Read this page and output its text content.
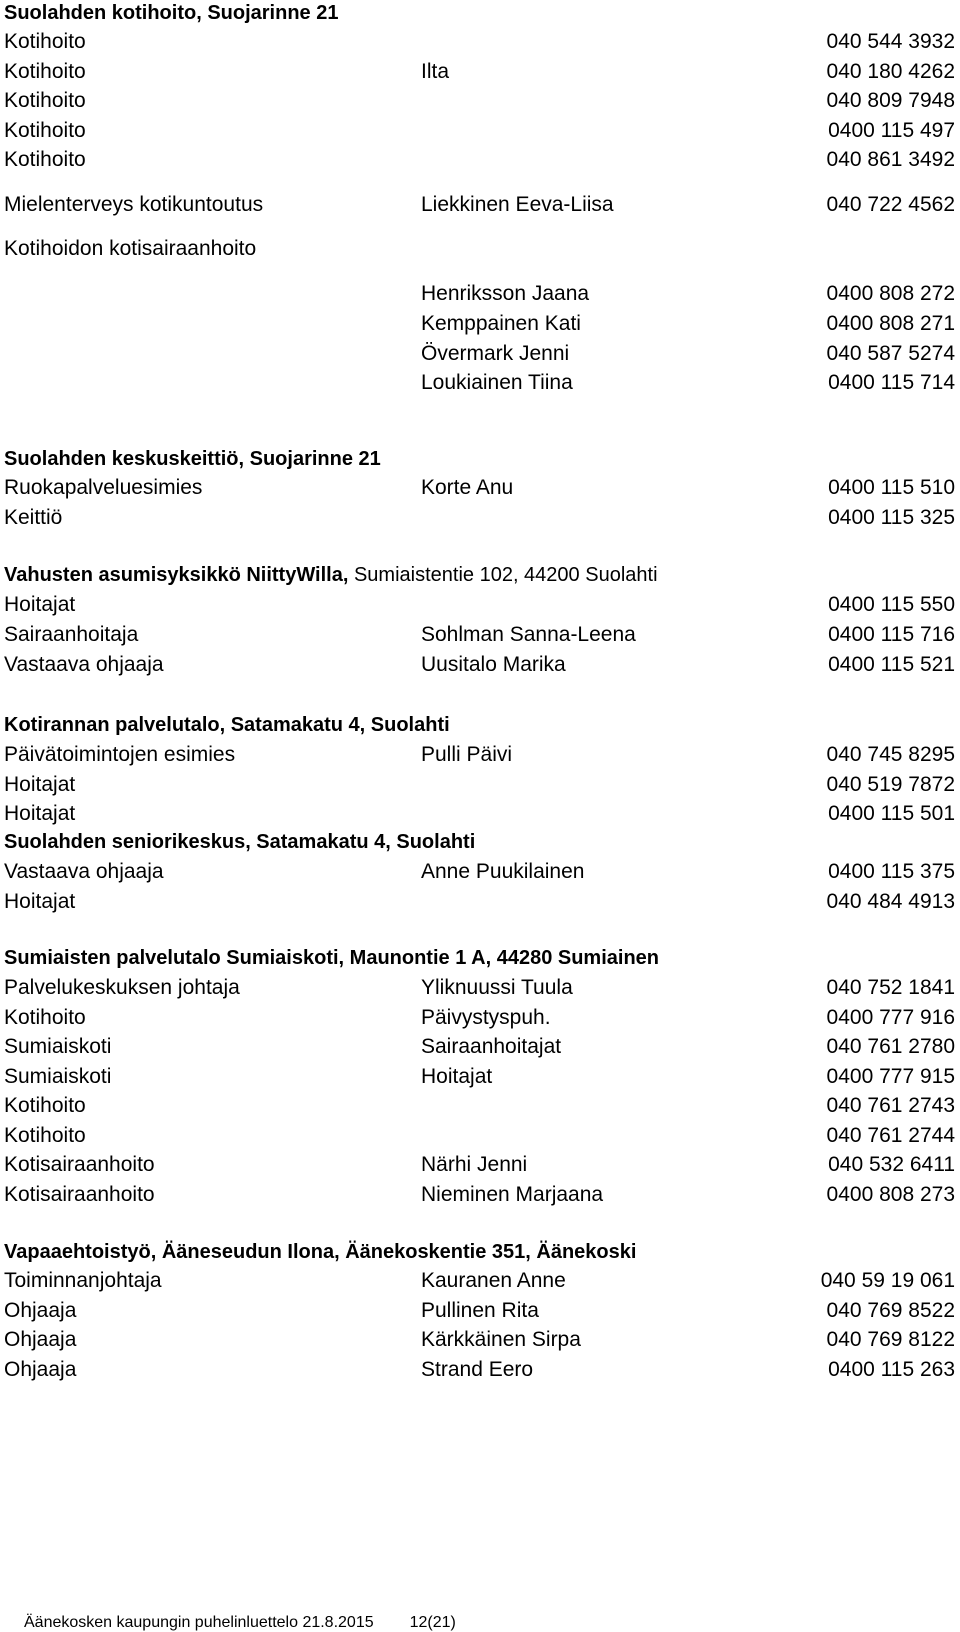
Suolahden kotihoito, Suojarinne 21
Kotihoito	040 544 3932
Kotihoito	Ilta	040 180 4262
Kotihoito	040 809 7948
Kotihoito	0400 115 497
Kotihoito	040 861 3492
Mielenterveys kotikuntoutus	Liekkinen Eeva-Liisa	040 722 4562
Kotihoidon kotisairaanhoito
Henriksson Jaana	0400 808 272
Kemppainen Kati	0400 808 271
Övermark Jenni	040 587 5274
Loukiainen Tiina	0400 115 714
Suolahden keskuskeittiö, Suojarinne 21
Ruokapalveluesimies	Korte Anu	0400 115 510
Keittiö	0400 115 325
Vahusten asumisyksikkö NiittyWilla, Sumiaistentie 102, 44200 Suolahti
Hoitajat	0400 115 550
Sairaanhoitaja	Sohlman Sanna-Leena	0400 115 716
Vastaava ohjaaja	Uusitalo Marika	0400 115 521
Kotirannan palvelutalo, Satamakatu 4, Suolahti
Päivätoimintojen esimies	Pulli Päivi	040 745 8295
Hoitajat	040 519 7872
Hoitajat	0400 115 501
Suolahden seniorikeskus, Satamakatu 4, Suolahti
Vastaava ohjaaja	Anne Puukilainen	0400 115 375
Hoitajat	040 484 4913
Sumiaisten palvelutalo Sumiaiskoti, Maunontie 1 A, 44280 Sumiainen
Palvelukeskuksen johtaja	Yliknuussi Tuula	040 752 1841
Kotihoito	Päivystyspuh.	0400 777 916
Sumiaiskoti	Sairaanhoitajat	040 761 2780
Sumiaiskoti	Hoitajat	0400 777 915
Kotihoito	040 761 2743
Kotihoito	040 761 2744
Kotisairaanhoito	Närhi Jenni	040 532 6411
Kotisairaanhoito	Nieminen Marjaana	0400 808 273
Vapaaehtoistyö, Ääneseudun Ilona, Äänekoskentie 351, Äänekoski
Toiminnanjohtaja	Kauranen Anne	040 59 19 061
Ohjaaja	Pullinen Rita	040 769 8522
Ohjaaja	Kärkkäinen Sirpa	040 769 8122
Ohjaaja	Strand Eero	0400 115 263
Äänekosken kaupungin puhelinluettelo 21.8.2015 12(21)
